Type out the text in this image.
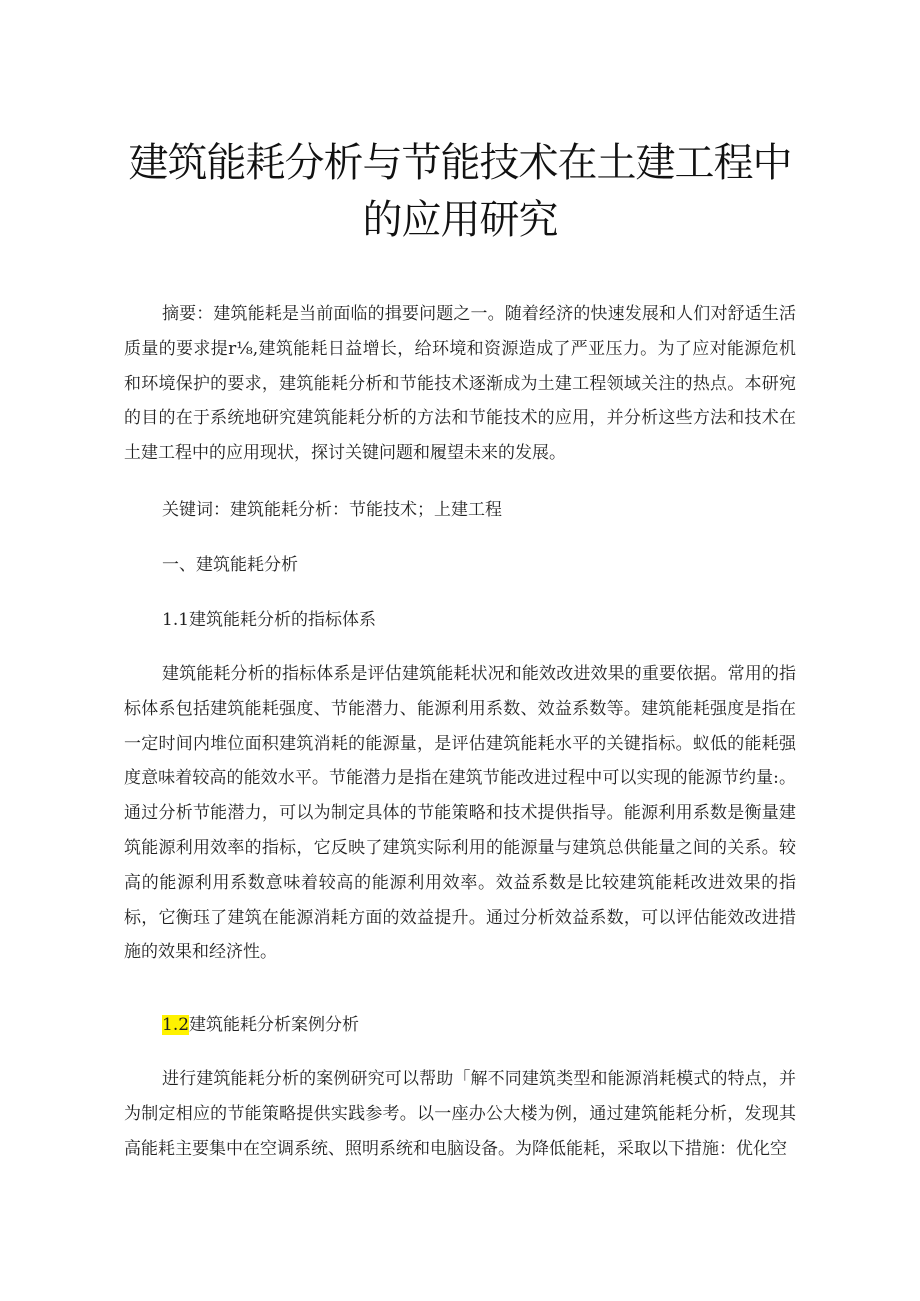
建筑能耗分析与节能技术在土建工程中
的应用研究

摘要：建筑能耗是当前面临的揖要问题之一。随着经济的快速发展和人们对舒适生活质量的要求提r⅛,建筑能耗日益增长，给环境和资源造成了严亚压力。为了应对能源危机和环境保护的要求，建筑能耗分析和节能技术逐渐成为土建工程领域关注的热点。本研宛的目的在于系统地研究建筑能耗分析的方法和节能技术的应用，并分析这些方法和技术在土建工程中的应用现状，探讨关键问题和履望未来的发展。

关键词：建筑能耗分析：节能技术；上建工程

一、建筑能耗分析

1.1建筑能耗分析的指标体系

建筑能耗分析的指标体系是评估建筑能耗状况和能效改进效果的重要依据。常用的指标体系包括建筑能耗强度、节能潜力、能源利用系数、效益系数等。建筑能耗强度是指在一定时间内堆位面积建筑消耗的能源量，是评估建筑能耗水平的关键指标。蚁低的能耗强度意味着较高的能效水平。节能潜力是指在建筑节能改进过程中可以实现的能源节约量:。通过分析节能潜力，可以为制定具体的节能策略和技术提供指导。能源利用系数是衡量建筑能源利用效率的指标，它反映了建筑实际利用的能源量与建筑总供能量之间的关系。较高的能源利用系数意味着较高的能源利用效率。效益系数是比较建筑能耗改进效果的指标，它衡珏了建筑在能源消耗方面的效益提升。通过分析效益系数，可以评估能效改进措施的效果和经济性。

1.2建筑能耗分析案例分析

进行建筑能耗分析的案例研究可以帮助「解不同建筑类型和能源消耗模式的特点，并为制定相应的节能策略提供实践参考。以一座办公大楼为例，通过建筑能耗分析，发现其高能耗主要集中在空调系统、照明系统和电脑设备。为降低能耗，采取以下措施：优化空
